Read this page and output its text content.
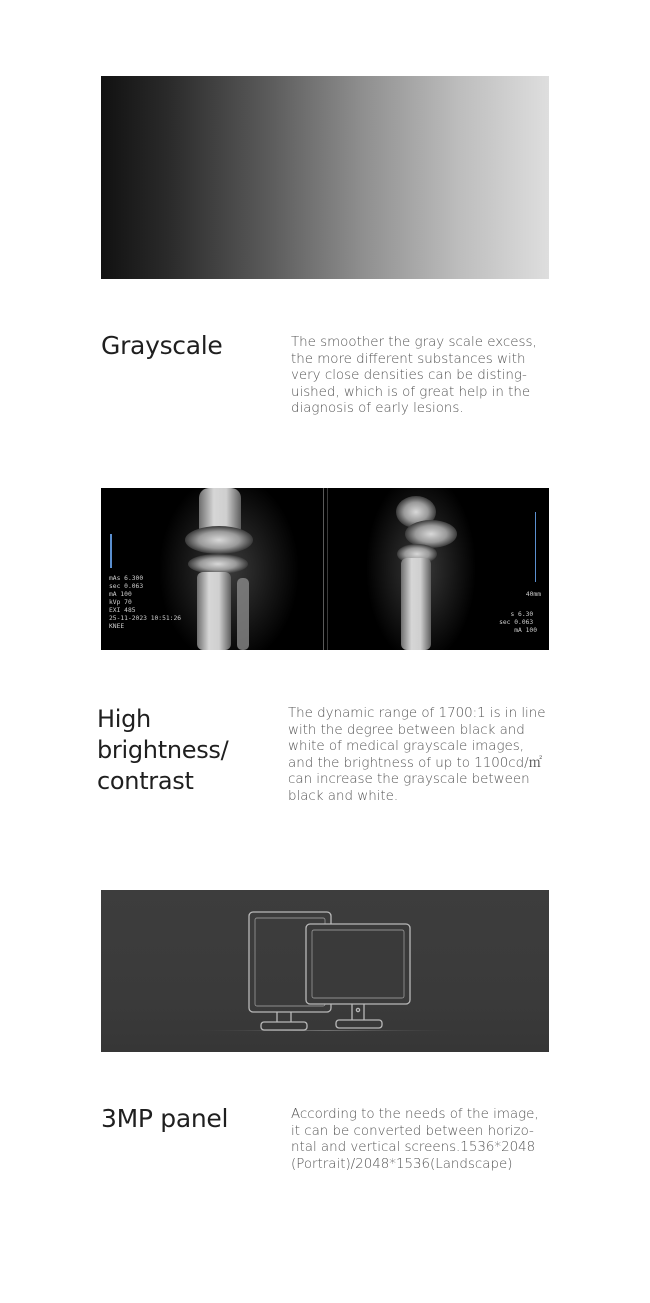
Grayscale	The smoother the gray scale excess,
the more different substances with
very close densities can be disting-
uished, which is of great help in the
diagnosis of early lesions.
mAs 6.300 sec 0.063 mA 100 kVp 70 EXI 485 25-11-2023 10:51:26 KNEE
40mm
s 6.30 sec 0.063 mA 100
High
brightness/
contrast
The dynamic range of 1700:1 is in line
with the degree between black and
white of medical grayscale images,
and the brightness of up to 1100cd/㎡
can increase the grayscale between
black and white.
3MP panel	According to the needs of the image,
it can be converted between horizo-
ntal and vertical screens.1536*2048
(Portrait)/2048*1536(Landscape)
